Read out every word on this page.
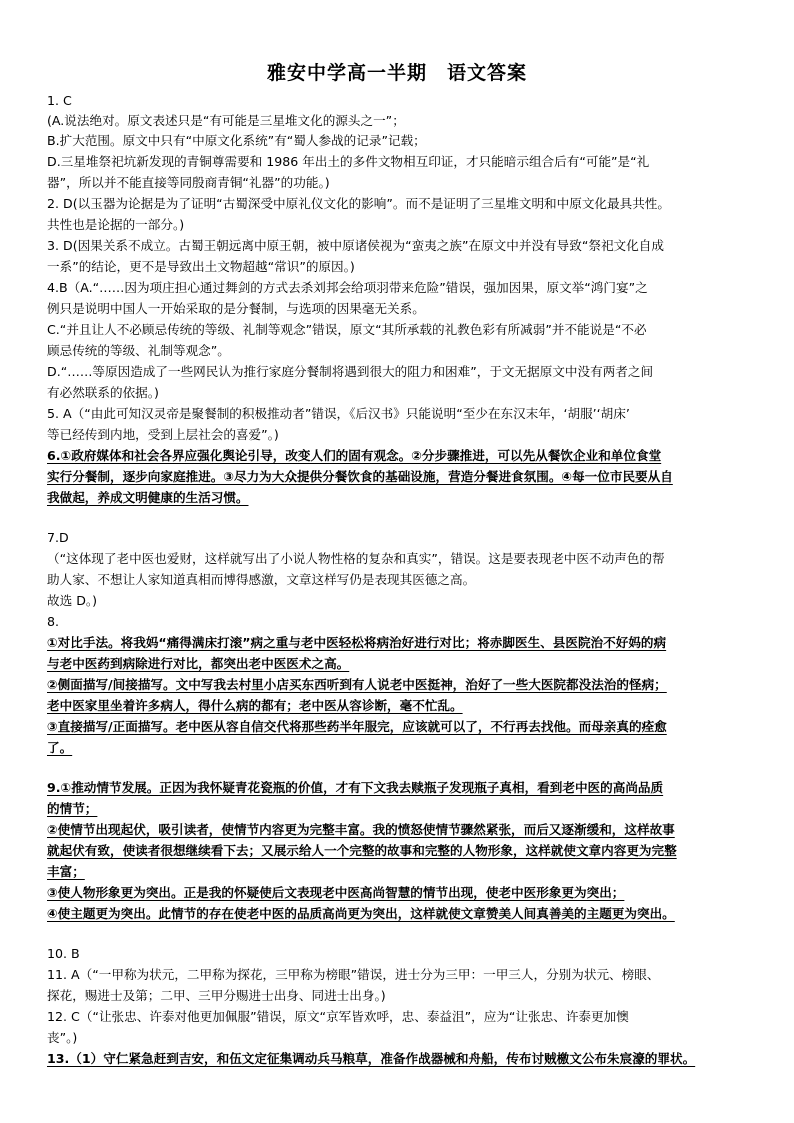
雅安中学高一半期　语文答案
1. C
(A.说法绝对。原文表述只是“有可能是三星堆文化的源头之一”；
B.扩大范围。原文中只有“中原文化系统”有“蜀人参战的记录”记载；
D.三星堆祭祀坑新发现的青铜尊需要和 1986 年出土的多件文物相互印证，才只能暗示组合后有“可能”是“礼
器”，所以并不能直接等同殷商青铜“礼器”的功能。)
2. D(以玉器为论据是为了证明“古蜀深受中原礼仪文化的影响”。而不是证明了三星堆文明和中原文化最具共性。
共性也是论据的一部分。)
3. D(因果关系不成立。古蜀王朝远离中原王朝，被中原诸侯视为“蛮夷之族”在原文中并没有导致“祭祀文化自成
一系”的结论，更不是导致出土文物超越“常识”的原因。)
4.B（A.“……因为项庄担心通过舞剑的方式去杀刘邦会给项羽带来危险”错误，强加因果，原文举“鸿门宴”之
例只是说明中国人一开始采取的是分餐制，与选项的因果毫无关系。
C.“并且让人不必顾忌传统的等级、礼制等观念”错误，原文“其所承载的礼教色彩有所减弱”并不能说是“不必
顾忌传统的等级、礼制等观念”。
D.“……等原因造成了一些网民认为推行家庭分餐制将遇到很大的阻力和困难”，于文无据原文中没有两者之间
有必然联系的依据。)
5. A（“由此可知汉灵帝是聚餐制的积极推动者”错误，《后汉书》只能说明“至少在东汉末年，‘胡服’‘胡床’
等已经传到内地，受到上层社会的喜爱”。)
6.①政府媒体和社会各界应强化舆论引导，改变人们的固有观念。②分步骤推进，可以先从餐饮企业和单位食堂
实行分餐制，逐步向家庭推进。③尽力为大众提供分餐饮食的基础设施，营造分餐进食氛围。④每一位市民要从自
我做起，养成文明健康的生活习惯。
7.D
（“这体现了老中医也爱财，这样就写出了小说人物性格的复杂和真实”，错误。这是要表现老中医不动声色的帮
助人家、不想让人家知道真相而博得感激，文章这样写仍是表现其医德之高。
故选 D。)
8.
①对比手法。将我妈“痛得满床打滚”病之重与老中医轻松将病治好进行对比；将赤脚医生、县医院治不好妈的病
与老中医药到病除进行对比，都突出老中医医术之高。
②侧面描写/间接描写。文中写我去村里小店买东西听到有人说老中医挺神，治好了一些大医院都没法治的怪病；
老中医家里坐着许多病人，得什么病的都有；老中医从容诊断，毫不忙乱。
③直接描写/正面描写。老中医从容自信交代将那些药半年服完，应该就可以了，不行再去找他。而母亲真的痊愈
了。
9.①推动情节发展。正因为我怀疑青花瓷瓶的价值，才有下文我去赎瓶子发现瓶子真相，看到老中医的高尚品质
的情节；
②使情节出现起伏，吸引读者，使情节内容更为完整丰富。我的愤怒使情节骤然紧张，而后又逐渐缓和，这样故事
就起伏有致，使读者很想继续看下去；又展示给人一个完整的故事和完整的人物形象，这样就使文章内容更为完整
丰富；
③使人物形象更为突出。正是我的怀疑使后文表现老中医高尚智慧的情节出现，使老中医形象更为突出；
④使主题更为突出。此情节的存在使老中医的品质高尚更为突出，这样就使文章赞美人间真善美的主题更为突出。
10. B
11. A（“一甲称为状元，二甲称为探花，三甲称为榜眼”错误，进士分为三甲：一甲三人，分别为状元、榜眼、
探花，赐进士及第；二甲、三甲分赐进士出身、同进士出身。)
12. C（“让张忠、许泰对他更加佩服”错误，原文“京军皆欢呼，忠、泰益沮”，应为“让张忠、许泰更加懊
丧”。)
13.（1）守仁紧急赶到吉安，和伍文定征集调动兵马粮草，准备作战器械和舟船，传布讨贼檄文公布朱宸濠的罪状。
